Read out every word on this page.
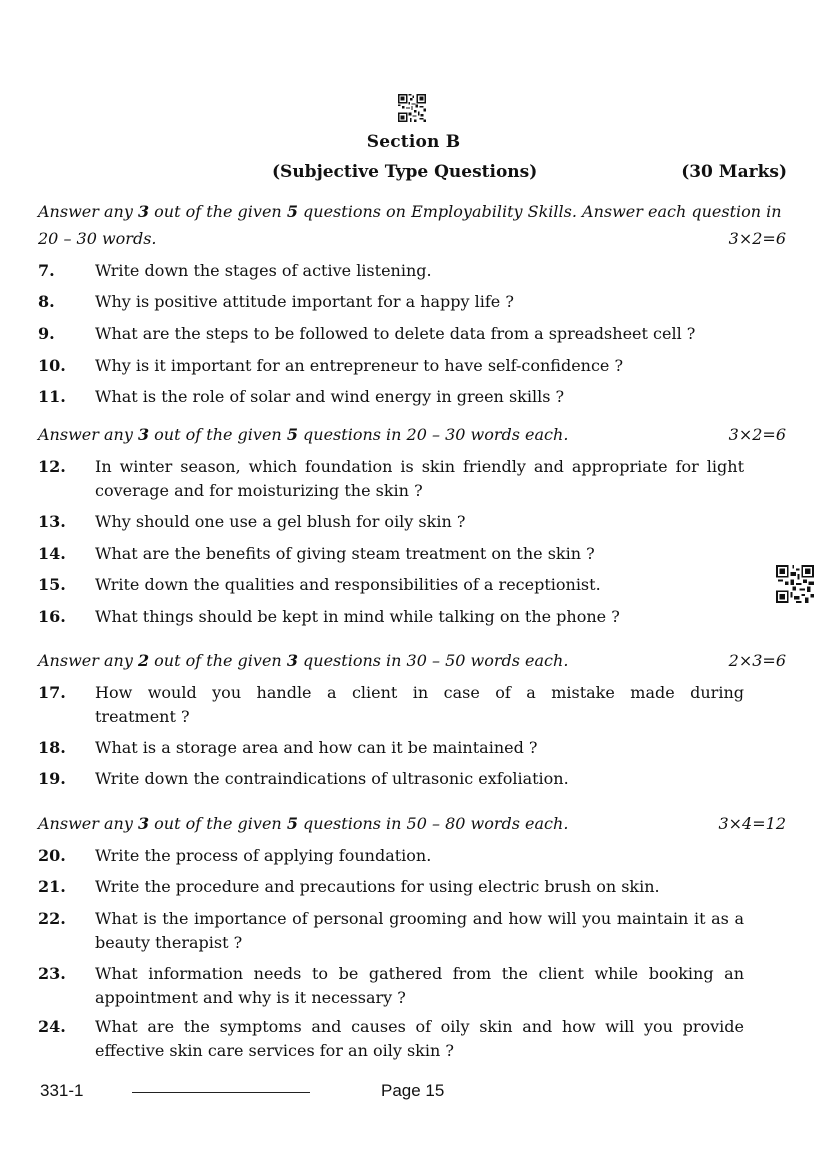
Section B
(Subjective Type Questions)	(30 Marks)
Answer any 3 out of the given 5 questions on Employability Skills. Answer each question in 20 – 30 words.	3×2=6
7.	Write down the stages of active listening.
8.	Why is positive attitude important for a happy life ?
9.	What are the steps to be followed to delete data from a spreadsheet cell ?
10. Why is it important for an entrepreneur to have self-confidence ?
11. What is the role of solar and wind energy in green skills ?
Answer any 3 out of the given 5 questions in 20 – 30 words each.	3×2=6
12. In winter season, which foundation is skin friendly and appropriate for light coverage and for moisturizing the skin ?
13. Why should one use a gel blush for oily skin ?
14. What are the benefits of giving steam treatment on the skin ?
15. Write down the qualities and responsibilities of a receptionist.
16. What things should be kept in mind while talking on the phone ?
Answer any 2 out of the given 3 questions in 30 – 50 words each.	2×3=6
17. How would you handle a client in case of a mistake made during
treatment ?
18. What is a storage area and how can it be maintained ?
19. Write down the contraindications of ultrasonic exfoliation.
Answer any 3 out of the given 5 questions in 50 – 80 words each.	3×4=12
20. Write the process of applying foundation.
21. Write the procedure and precautions for using electric brush on skin.
22. What is the importance of personal grooming and how will you maintain it as a beauty therapist ?
23. What information needs to be gathered from the client while booking an appointment and why is it necessary ?
24. What are the symptoms and causes of oily skin and how will you provide effective skin care services for an oily skin ?
331-1	Page 15
